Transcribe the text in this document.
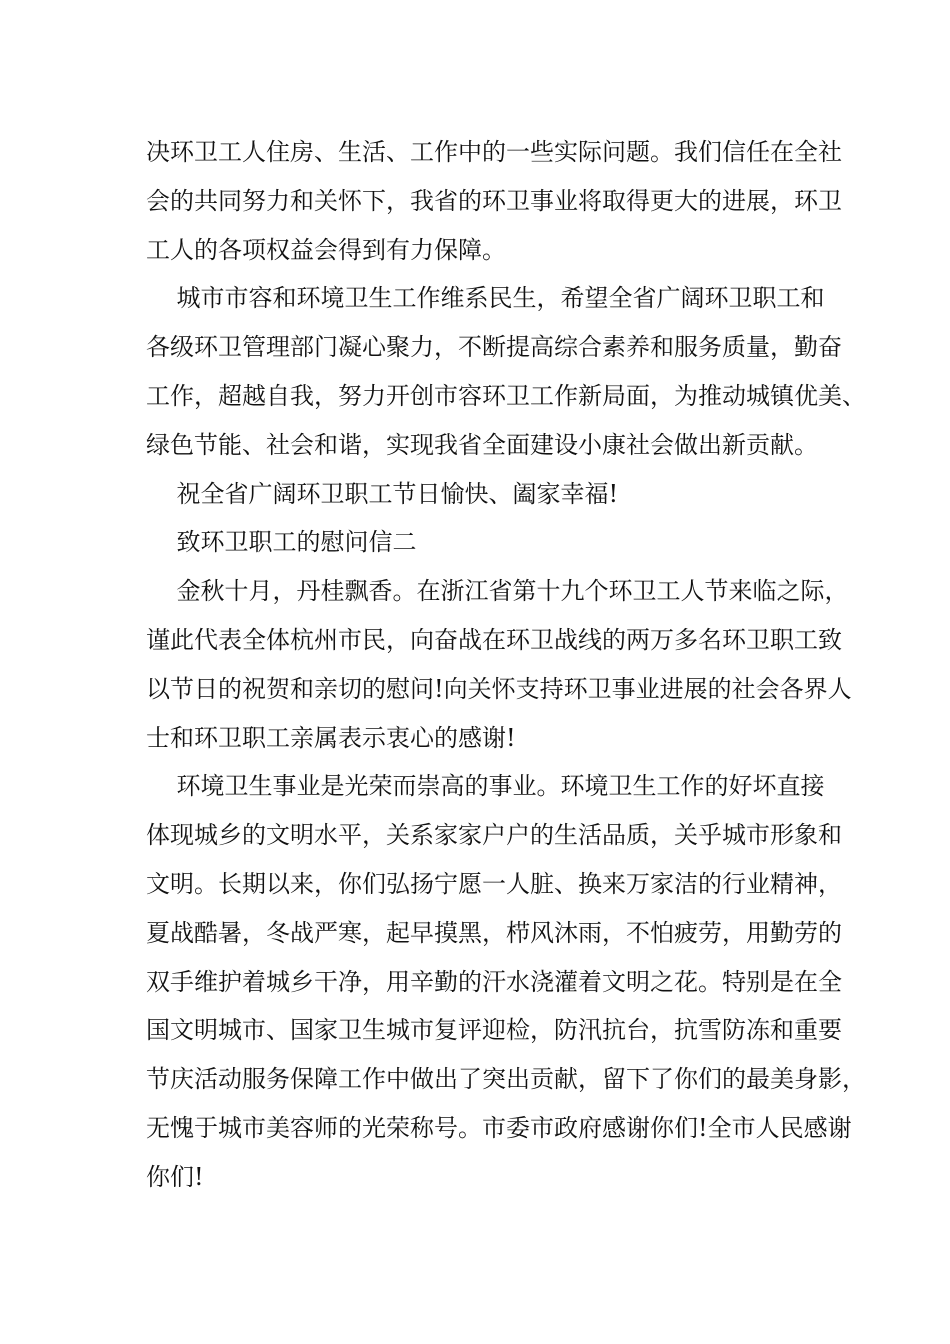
决环卫工人住房、生活、工作中的一些实际问题。我们信任在全社

会的共同努力和关怀下，我省的环卫事业将取得更大的进展，环卫

工人的各项权益会得到有力保障。

城市市容和环境卫生工作维系民生，希望全省广阔环卫职工和

各级环卫管理部门凝心聚力，不断提高综合素养和服务质量，勤奋

工作，超越自我，努力开创市容环卫工作新局面，为推动城镇优美、

绿色节能、社会和谐，实现我省全面建设小康社会做出新贡献。

祝全省广阔环卫职工节日愉快、阖家幸福!

致环卫职工的慰问信二

金秋十月，丹桂飘香。在浙江省第十九个环卫工人节来临之际，

谨此代表全体杭州市民，向奋战在环卫战线的两万多名环卫职工致

以节日的祝贺和亲切的慰问!向关怀支持环卫事业进展的社会各界人

士和环卫职工亲属表示衷心的感谢!

环境卫生事业是光荣而崇高的事业。环境卫生工作的好坏直接

体现城乡的文明水平，关系家家户户的生活品质，关乎城市形象和

文明。长期以来，你们弘扬宁愿一人脏、换来万家洁的行业精神，

夏战酷暑，冬战严寒，起早摸黑，栉风沐雨，不怕疲劳，用勤劳的

双手维护着城乡干净，用辛勤的汗水浇灌着文明之花。特别是在全

国文明城市、国家卫生城市复评迎检，防汛抗台，抗雪防冻和重要

节庆活动服务保障工作中做出了突出贡献，留下了你们的最美身影，

无愧于城市美容师的光荣称号。市委市政府感谢你们!全市人民感谢

你们!
